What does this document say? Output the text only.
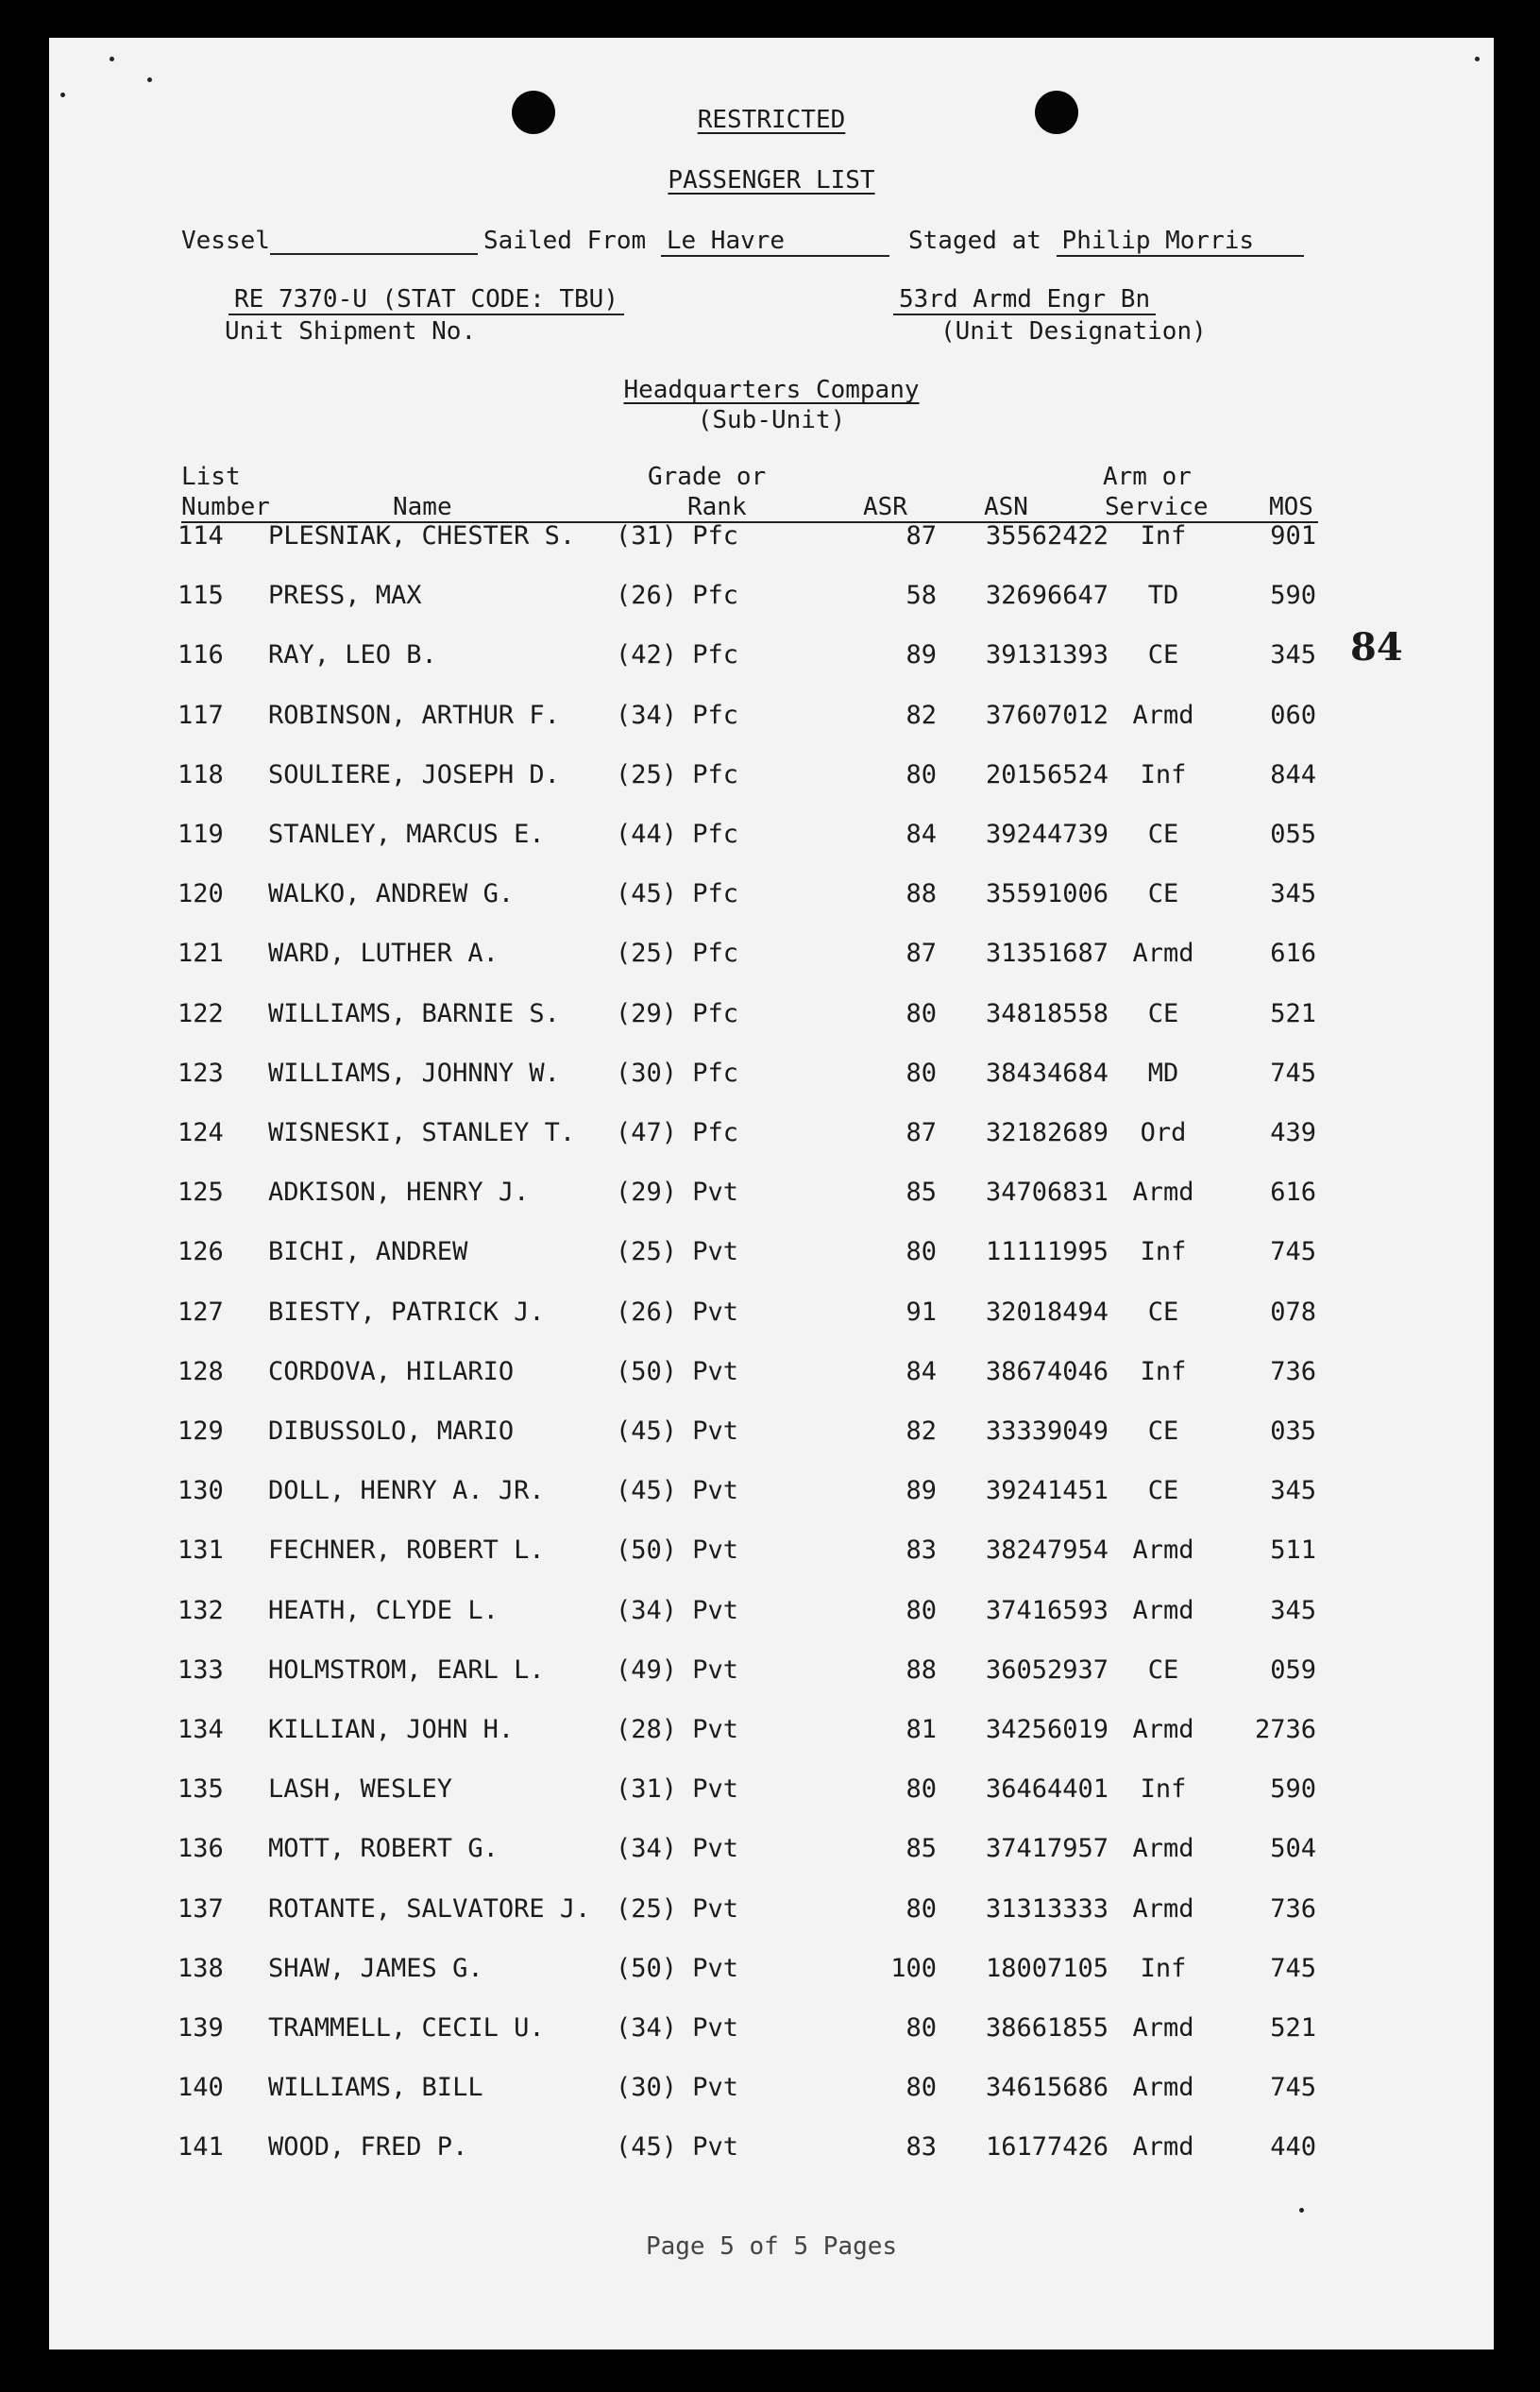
RESTRICTED
PASSENGER LIST
Vessel	Sailed From Le Havre	Staged at Philip Morris
RE 7370-U (STAT CODE: TBU)
Unit Shipment No.
53rd Armd Engr Bn
(Unit Designation)
Headquarters Company
(Sub-Unit)
List
Number	Name
Grade or
Rank	ASR	ASN
Arm or
Service MOS
114 PLESNIAK, CHESTER S. (31) Pfc	87	35562422	Inf	901
115 PRESS, MAX	(26) Pfc	58	32696647	TD	590
116 RAY, LEO B.	(42) Pfc	89	39131393	CE	345
117 ROBINSON, ARTHUR F. (34) Pfc	82	37607012 Armd	060
118 SOULIERE, JOSEPH D. (25) Pfc	80	20156524	Inf	844
119 STANLEY, MARCUS E.	(44) Pfc	84	39244739	CE	055
120 WALKO, ANDREW G.	(45) Pfc	88	35591006	CE	345
121 WARD, LUTHER A.	(25) Pfc	87	31351687 Armd	616
122 WILLIAMS, BARNIE S. (29) Pfc	80	34818558	CE	521
123 WILLIAMS, JOHNNY W. (30) Pfc	80	38434684	MD	745
124 WISNESKI, STANLEY T. (47) Pfc	87	32182689	Ord	439
125 ADKISON, HENRY J.	(29) Pvt	85	34706831 Armd	616
126 BICHI, ANDREW	(25) Pvt	80	11111995	Inf	745
127 BIESTY, PATRICK J.	(26) Pvt	91	32018494	CE	078
128 CORDOVA, HILARIO	(50) Pvt	84	38674046	Inf	736
129 DIBUSSOLO, MARIO	(45) Pvt	82	33339049	CE	035
130 DOLL, HENRY A. JR.	(45) Pvt	89	39241451	CE	345
131 FECHNER, ROBERT L.	(50) Pvt	83	38247954 Armd	511
132 HEATH, CLYDE L.	(34) Pvt	80	37416593 Armd	345
133 HOLMSTROM, EARL L.	(49) Pvt	88	36052937	CE	059
134 KILLIAN, JOHN H.	(28) Pvt	81	34256019 Armd	2736
135 LASH, WESLEY	(31) Pvt	80	36464401	Inf	590
136 MOTT, ROBERT G.	(34) Pvt	85	37417957 Armd	504
137 ROTANTE, SALVATORE J. (25) Pvt	80	31313333 Armd	736
138 SHAW, JAMES G.	(50) Pvt	100	18007105	Inf	745
139 TRAMMELL, CECIL U.	(34) Pvt	80	38661855 Armd	521
140 WILLIAMS, BILL	(30) Pvt	80	34615686 Armd	745
141 WOOD, FRED P.	(45) Pvt	83	16177426 Armd	440
84
Page 5 of 5 Pages
